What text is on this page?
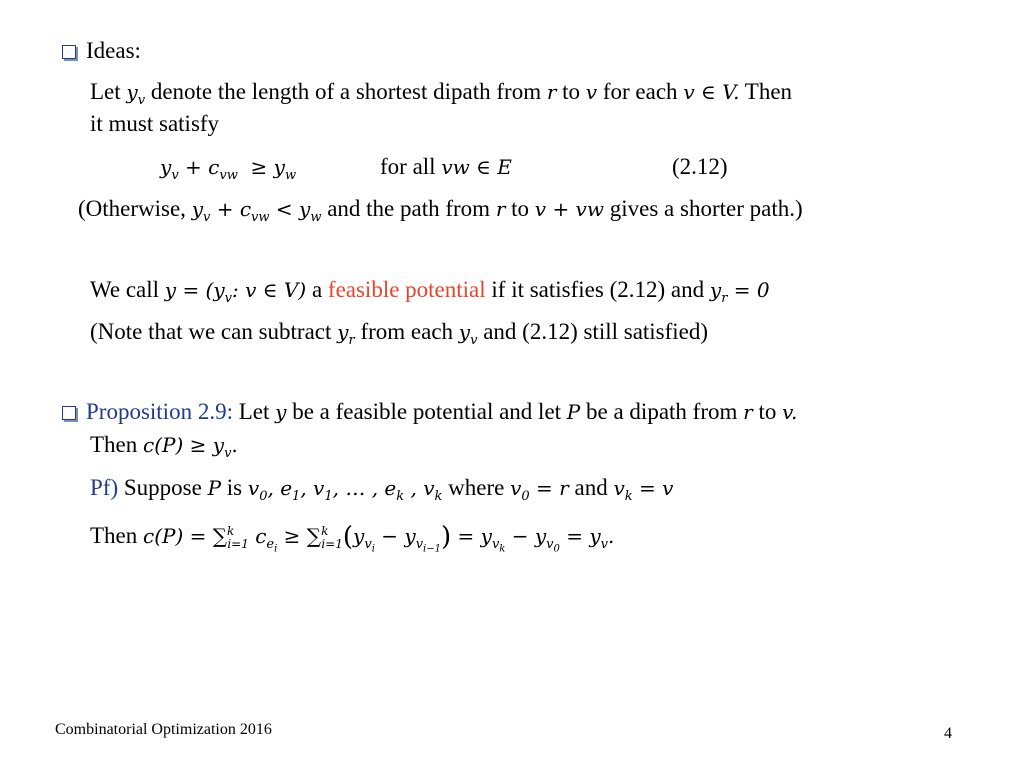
Ideas:
Let $y_v$ denote the length of a shortest dipath from r to v for each v ∈ V. Then
it must satisfy
$y_v + c_{vw} \ge y_w$	for all vw ∈ E	(2.12)
(Otherwise, $y_v + c_{vw} < y_w$ and the path from r to v + vw gives a shorter path.)
We call $y = (y_v$: v ∈ V) a feasible potential if it satisfies (2.12) and $y_r = 0$
(Note that we can subtract $y_r$ from each $y_v$ and (2.12) still satisfied)
Proposition 2.9: Let y be a feasible potential and let P be a dipath from r to v.
Then $c(P) \ge y_v$.
Pf) Suppose P is $v_0$, $e_1$, $v_1$, … , $e_k$ , $v_k$ where $v_0 = r$ and $v_k = v$
Then c(P) = ∑$^k_{i=1}$ $c_{e_i} \ge \sum^k_{i=1}(y_{v_i} - y_{v_{i-1}}) = y_{v_k} - y_{v_0} = y_v$.
Combinatorial Optimization 2016	4
